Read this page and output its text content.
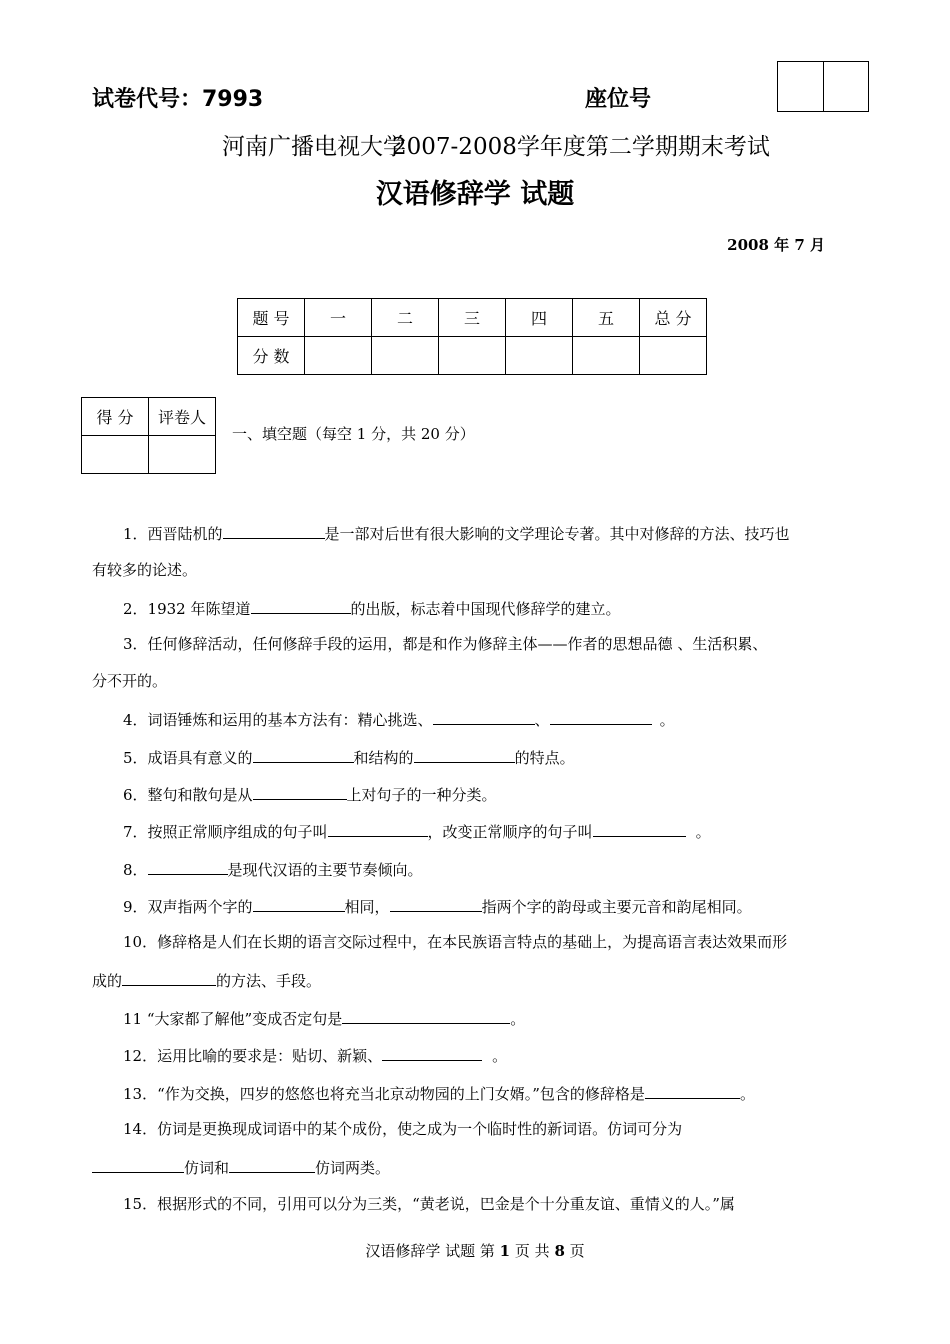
试卷代号：7993	座位号
河南广播电视大学
2007-2008学年度第二学期期末考试
汉语修辞学 试题
2008 年 7 月
题 号	一	二	三	四	五	总 分
分 数						
得 分	评卷人

一、填空题（每空 1 分，共 20 分）
1．西晋陆机的	是一部对后世有很大影响的文学理论专著。其中对修辞的方法、技巧也
有较多的论述。
2．1932 年陈望道	的出版，标志着中国现代修辞学的建立。
3．任何修辞活动，任何修辞手段的运用，都是和作为修辞主体——作者的思想品德 、生活积累、
分不开的。
4．词语锤炼和运用的基本方法有：精心挑选、	、	。
5．成语具有意义的	和结构的	的特点。
6．整句和散句是从	上对句子的一种分类。
7．按照正常顺序组成的句子叫	，改变正常顺序的句子叫	。
8．	是现代汉语的主要节奏倾向。
9．双声指两个字的	相同，	指两个字的韵母或主要元音和韵尾相同。
10．修辞格是人们在长期的语言交际过程中，在本民族语言特点的基础上，为提高语言表达效果而形
成的	的方法、手段。
11 “大家都了解他”变成否定句是	。
12．运用比喻的要求是：贴切、新颖、	。
13．“作为交换，四岁的悠悠也将充当北京动物园的上门女婿。”包含的修辞格是	。
14．仿词是更换现成词语中的某个成份，使之成为一个临时性的新词语。仿词可分为
仿词和	仿词两类。
15．根据形式的不同，引用可以分为三类，“黄老说，巴金是个十分重友谊、重情义的人。”属
汉语修辞学 试题 第 1 页 共 8 页
